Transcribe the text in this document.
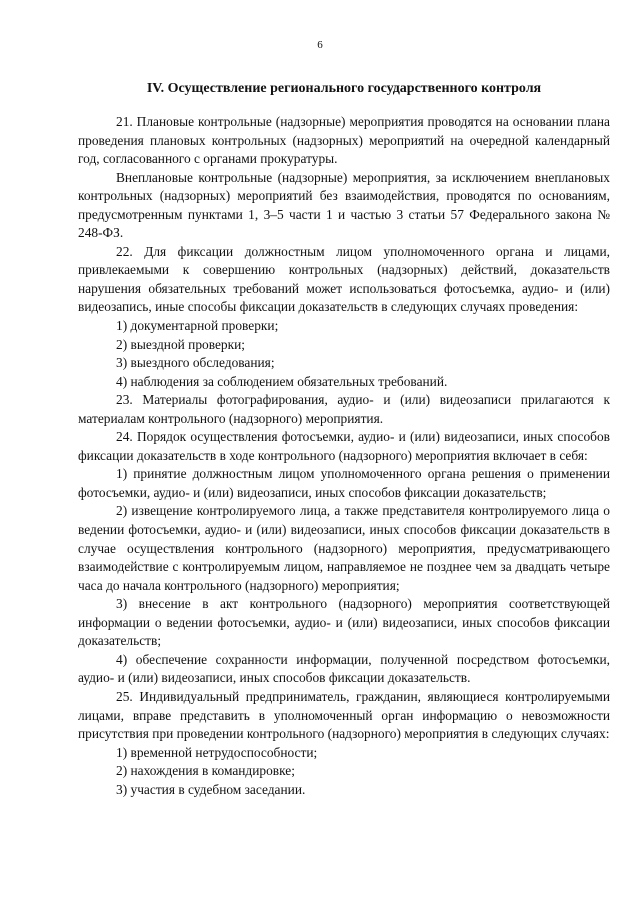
6
IV. Осуществление регионального государственного контроля

21. Плановые контрольные (надзорные) мероприятия проводятся на основании плана проведения плановых контрольных (надзорных) мероприятий на очередной календарный год, согласованного с органами прокуратуры.

Внеплановые контрольные (надзорные) мероприятия, за исключением внеплановых контрольных (надзорных) мероприятий без взаимодействия, проводятся по основаниям, предусмотренным пунктами 1, 3–5 части 1 и частью 3 статьи 57 Федерального закона № 248-ФЗ.

22. Для фиксации должностным лицом уполномоченного органа и лицами, привлекаемыми к совершению контрольных (надзорных) действий, доказательств нарушения обязательных требований может использоваться фотосъемка, аудио- и (или) видеозапись, иные способы фиксации доказательств в следующих случаях проведения:

1) документарной проверки;

2) выездной проверки;

3) выездного обследования;

4) наблюдения за соблюдением обязательных требований.

23. Материалы фотографирования, аудио- и (или) видеозаписи прилагаются к материалам контрольного (надзорного) мероприятия.

24. Порядок осуществления фотосъемки, аудио- и (или) видеозаписи, иных способов фиксации доказательств в ходе контрольного (надзорного) мероприятия включает в себя:

1) принятие должностным лицом уполномоченного органа решения о применении фотосъемки, аудио- и (или) видеозаписи, иных способов фиксации доказательств;

2) извещение контролируемого лица, а также представителя контролируемого лица о ведении фотосъемки, аудио- и (или) видеозаписи, иных способов фиксации доказательств в случае осуществления контрольного (надзорного) мероприятия, предусматривающего взаимодействие с контролируемым лицом, направляемое не позднее чем за двадцать четыре часа до начала контрольного (надзорного) мероприятия;

3) внесение в акт контрольного (надзорного) мероприятия соответствующей информации о ведении фотосъемки, аудио- и (или) видеозаписи, иных способов фиксации доказательств;

4) обеспечение сохранности информации, полученной посредством фотосъемки, аудио- и (или) видеозаписи, иных способов фиксации доказательств.

25. Индивидуальный предприниматель, гражданин, являющиеся контролируемыми лицами, вправе представить в уполномоченный орган информацию о невозможности присутствия при проведении контрольного (надзорного) мероприятия в следующих случаях:

1) временной нетрудоспособности;

2) нахождения в командировке;

3) участия в судебном заседании.
